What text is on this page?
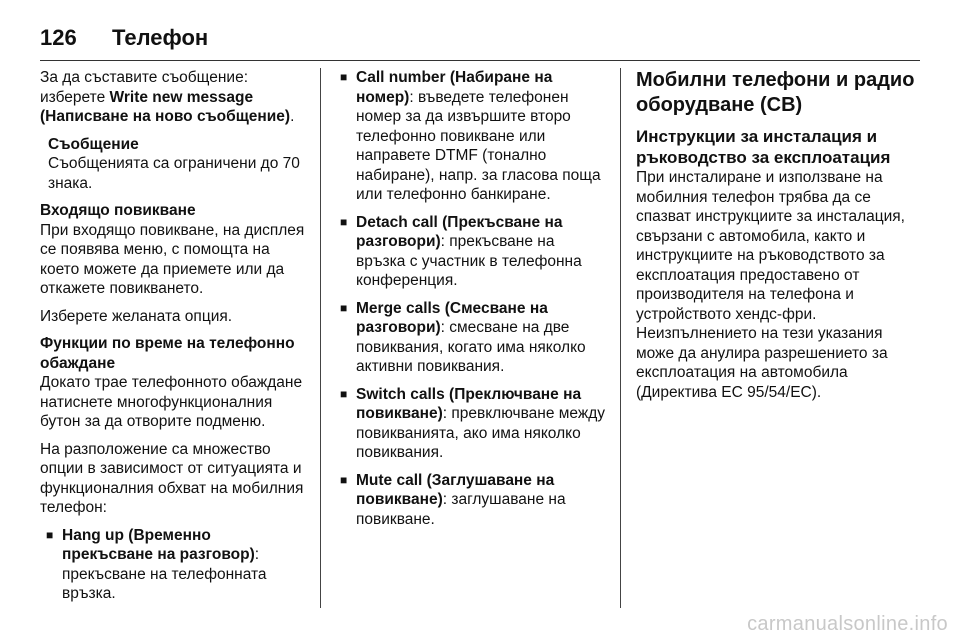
126	Телефон

За да съставите съобщение: изберете Write new message (Написване на ново съобщение).

Съобщение
Съобщенията са ограничени до 70 знака.
Входящо повикване

При входящо повикване, на дисплея се появява меню, с помощта на което можете да приемете или да откажете повикването.

Изберете желаната опция.

Функции по време на телефонно обаждане

Докато трае телефонното обаждане натиснете многофункционалния бутон за да отворите подменю.

На разположение са множество опции в зависимост от ситуацията и функционалния обхват на мобилния телефон:

■ Hang up (Временно прекъсване на разговор): прекъсване на телефонната връзка.
■ Call number (Набиране на номер): въведете телефонен номер за да извършите второ телефонно повикване или направете DTMF (тонално набиране), напр. за гласова поща или телефонно банкиране.
■ Detach call (Прекъсване на разговори): прекъсване на връзка с участник в телефонна конференция.
■ Merge calls (Смесване на разговори): смесване на две повиквания, когато има няколко активни повиквания.
■ Switch calls (Преключване на повикване): превключване между повикванията, ако има няколко повиквания.
■ Mute call (Заглушаване на повикване): заглушаване на повикване.
Мобилни телефони и радио оборудване (CB)
Инструкции за инсталация и ръководство за експлоатация

При инсталиране и използване на мобилния телефон трябва да се спазват инструкциите за инсталация, свързани с автомобила, както и инструкциите на ръководството за експлоатация предоставено от производителя на телефона и устройството хендс-фри. Неизпълнението на тези указания може да анулира разрешението за експлоатация на автомобила (Директива ЕС 95/54/ЕС).

carmanualsonline.info
